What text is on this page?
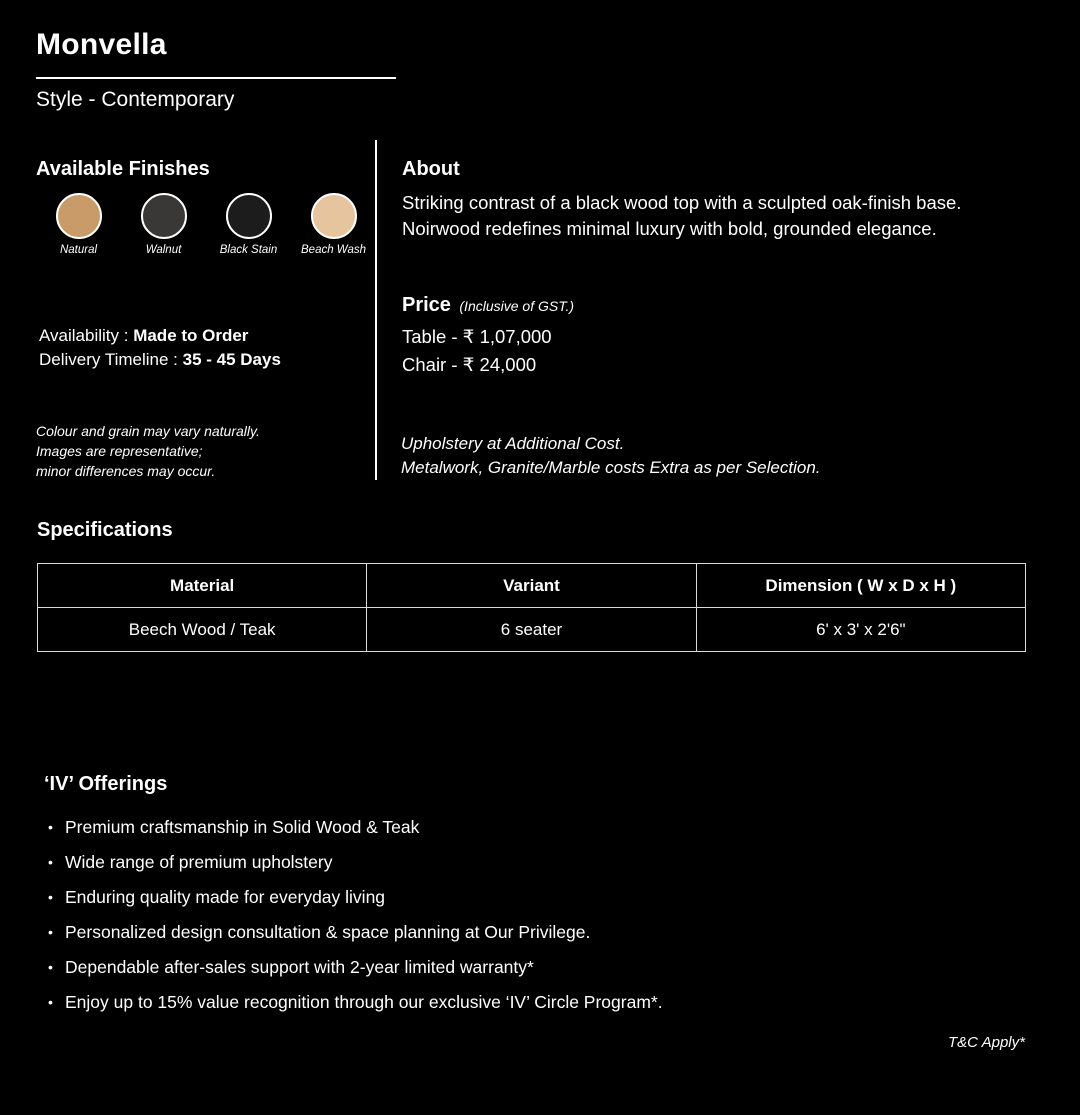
Monvella
Style - Contemporary
Available Finishes
Natural	Walnut	Black Stain Beach Wash
Availability : Made to Order
Delivery Timeline : 35 - 45 Days
Colour and grain may vary naturally.
Images are representative;
minor differences may occur.
About
Striking contrast of a black wood top with a sculpted oak-finish base. Noirwood redefines minimal luxury with bold, grounded elegance.
Price (Inclusive of GST.)
Table - ₹ 1,07,000
Chair - ₹ 24,000
Upholstery at Additional Cost.
Metalwork, Granite/Marble costs Extra as per Selection.
Specifications
Material	Variant	Dimension ( W x D x H )
Beech Wood / Teak	6 seater	6' x 3' x 2'6"
‘IV’ Offerings
• Premium craftsmanship in Solid Wood & Teak
• Wide range of premium upholstery
• Enduring quality made for everyday living
• Personalized design consultation & space planning at Our Privilege.
• Dependable after-sales support with 2-year limited warranty*
• Enjoy up to 15% value recognition through our exclusive ‘IV’ Circle Program*.
T&C Apply*
